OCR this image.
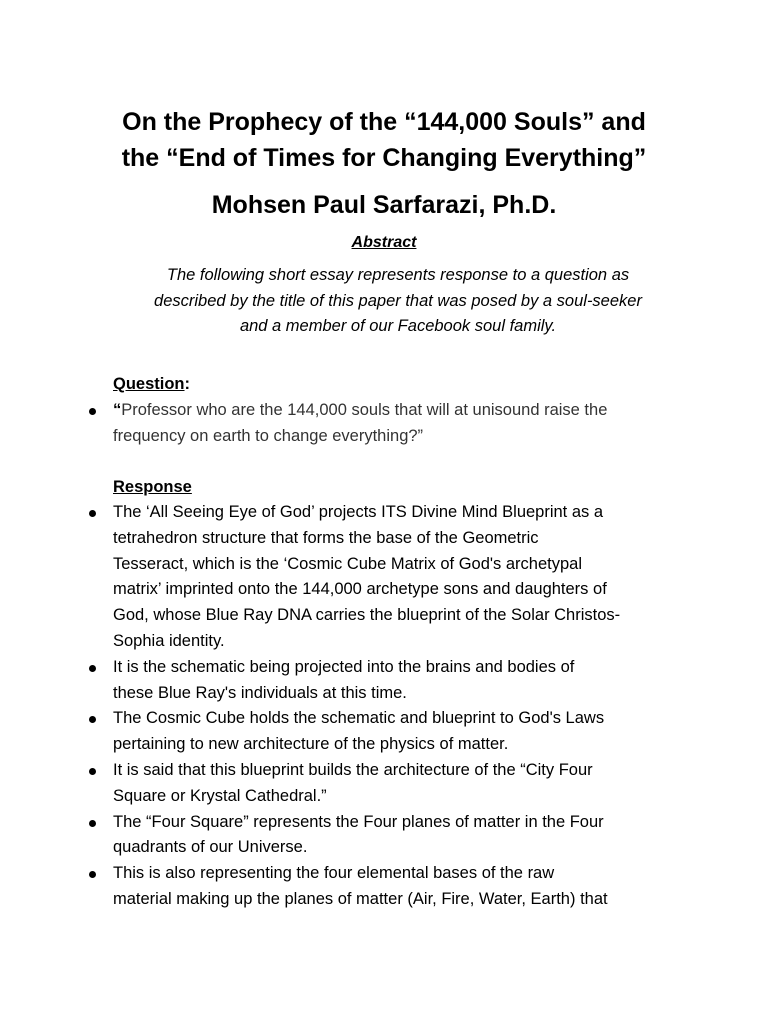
On the Prophecy of the “144,000 Souls” and
the “End of Times for Changing Everything”
Mohsen Paul Sarfarazi, Ph.D.
Abstract

The following short essay represents response to a question as
described by the title of this paper that was posed by a soul-seeker
and a member of our Facebook soul family.

Question:
“Professor who are the 144,000 souls that will at unisound raise the
frequency on earth to change everything?”
Response
The ‘All Seeing Eye of God’ projects ITS Divine Mind Blueprint as a
tetrahedron structure that forms the base of the Geometric
Tesseract, which is the ‘Cosmic Cube Matrix of God's archetypal
matrix’ imprinted onto the 144,000 archetype sons and daughters of
God, whose Blue Ray DNA carries the blueprint of the Solar Christos-
Sophia identity.
It is the schematic being projected into the brains and bodies of
these Blue Ray's individuals at this time.
The Cosmic Cube holds the schematic and blueprint to God's Laws
pertaining to new architecture of the physics of matter.
It is said that this blueprint builds the architecture of the “City Four
Square or Krystal Cathedral.”
The “Four Square” represents the Four planes of matter in the Four
quadrants of our Universe.
This is also representing the four elemental bases of the raw
material making up the planes of matter (Air, Fire, Water, Earth) that
